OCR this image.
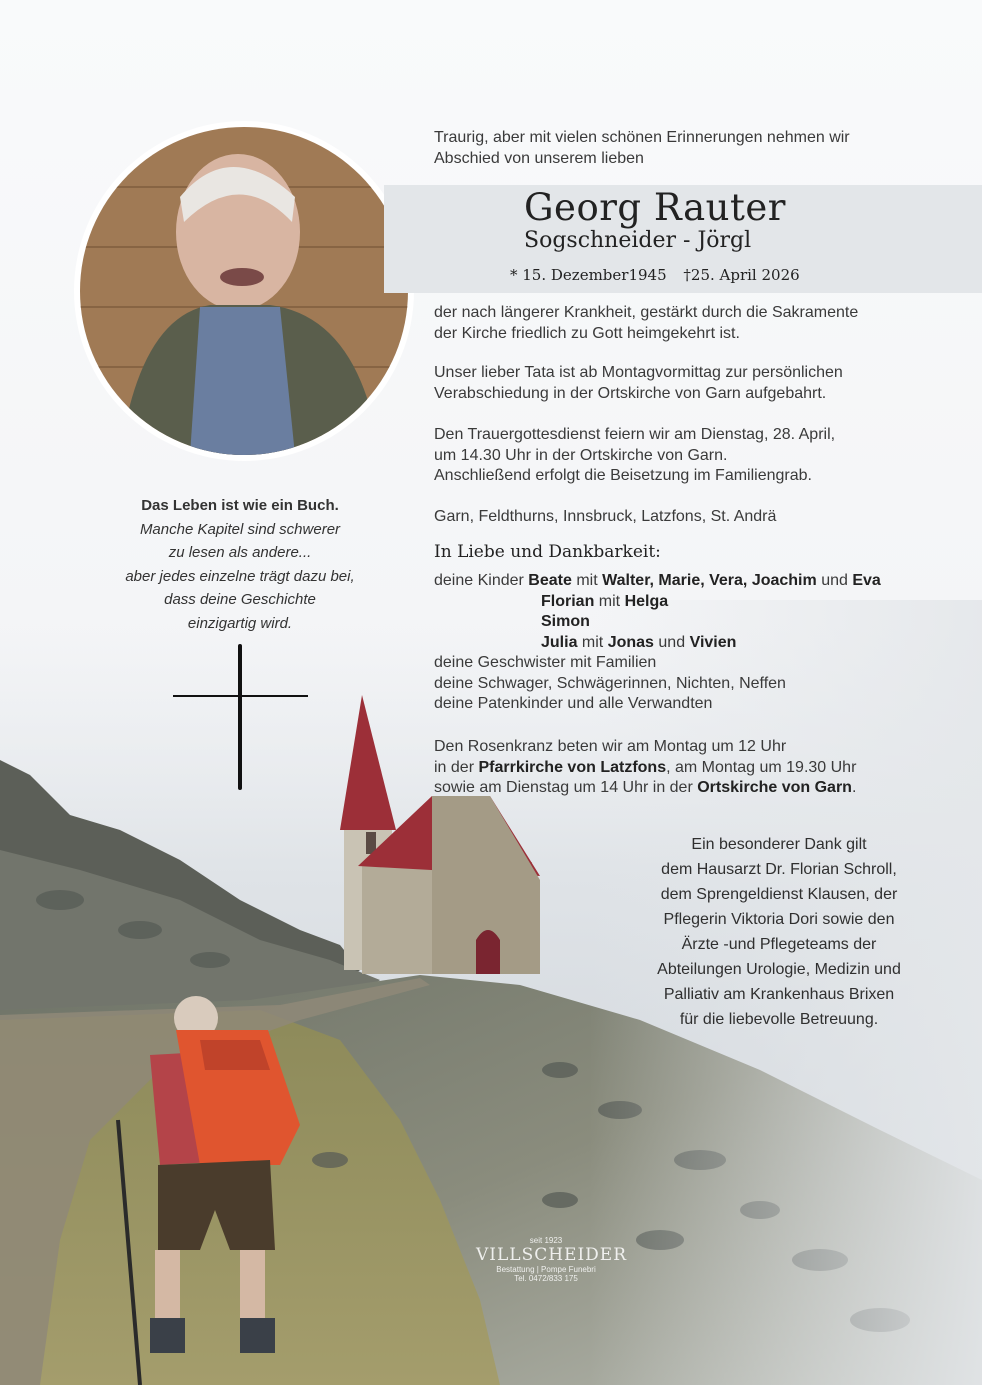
Traurig, aber mit vielen schönen Erinnerungen nehmen wir
Abschied von unserem lieben
Georg Rauter
Sogschneider - Jörgl
* 15. Dezember1945 †25. April 2026
der nach längerer Krankheit, gestärkt durch die Sakramente
der Kirche friedlich zu Gott heimgekehrt ist.
Unser lieber Tata ist ab Montagvormittag zur persönlichen
Verabschiedung in der Ortskirche von Garn aufgebahrt.
Den Trauergottesdienst feiern wir am Dienstag, 28. April,
um 14.30 Uhr in der Ortskirche von Garn.
Anschließend erfolgt die Beisetzung im Familiengrab.
Garn, Feldthurns, Innsbruck, Latzfons, St. Andrä
In Liebe und Dankbarkeit:
deine Kinder Beate mit Walter, Marie, Vera, Joachim und Eva
Florian mit Helga
Simon
Julia mit Jonas und Vivien
deine Geschwister mit Familien
deine Schwager, Schwägerinnen, Nichten, Neffen
deine Patenkinder und alle Verwandten
Den Rosenkranz beten wir am Montag um 12 Uhr
in der Pfarrkirche von Latzfons, am Montag um 19.30 Uhr
sowie am Dienstag um 14 Uhr in der Ortskirche von Garn.
Das Leben ist wie ein Buch.
Manche Kapitel sind schwerer
zu lesen als andere...
aber jedes einzelne trägt dazu bei,
dass deine Geschichte
einzigartig wird.
Ein besonderer Dank gilt
dem Hausarzt Dr. Florian Schroll,
dem Sprengeldienst Klausen, der
Pflegerin Viktoria Dori sowie den
Ärzte -und Pflegeteams der
Abteilungen Urologie, Medizin und
Palliativ am Krankenhaus Brixen
für die liebevolle Betreuung.
seit 1923
VILLSCHEIDER
Bestattung | Pompe Funebri
Tel. 0472/833 175
